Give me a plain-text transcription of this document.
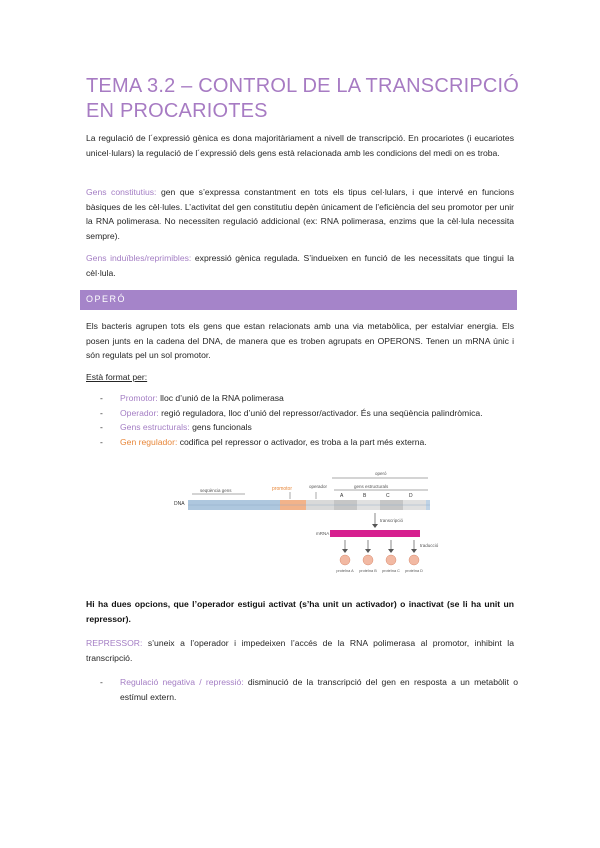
TEMA 3.2 – CONTROL DE LA TRANSCRIPCIÓ EN PROCARIOTES

La regulació de l´expressió gènica es dona majoritàriament a nivell de transcripció. En procariotes (i eucariotes unicel·lulars) la regulació de l´expressió dels gens està relacionada amb les condicions del medi on es troba.

Gens constitutius: gen que s’expressa constantment en tots els tipus cel·lulars, i que intervé en funcions bàsiques de les cèl·lules. L’activitat del gen constitutiu depèn únicament de l’eficiència del seu promotor per unir la RNA polimerasa. No necessiten regulació addicional (ex: RNA polimerasa, enzims que la cèl·lula necessita sempre).

Gens induïbles/reprimibles: expressió gènica regulada. S’indueixen en funció de les necessitats que tingui la cèl·lula.

OPERÓ

Els bacteris agrupen tots els gens que estan relacionats amb una via metabòlica, per estalviar energia. Els posen junts en la cadena del DNA, de manera que es troben agrupats en OPERONS. Tenen un mRNA únic i són regulats pel un sol promotor.

Està format per:

- Promotor: lloc d’unió de la RNA polimerasa
- Operador: regió reguladora, lloc d’unió del repressor/activador. És una seqüència palindròmica.
- Gens estructurals: gens funcionals
- Gen regulador: codifica pel repressor o activador, es troba a la part més externa.
operó
seqüència gens	promotor	operador	gens estructurals
A	B	C	D
DNA
transcripció
mRNA
traducció
proteïna A proteïna B proteïna C proteïna D

Hi ha dues opcions, que l’operador estigui activat (s’ha unit un activador) o inactivat (se li ha unit un repressor).

REPRESSOR: s’uneix a l’operador i impedeixen l’accés de la RNA polimerasa al promotor, inhibint la transcripció.

- Regulació negativa / repressió: disminució de la transcripció del gen en resposta a un metabòlit o estímul extern.
